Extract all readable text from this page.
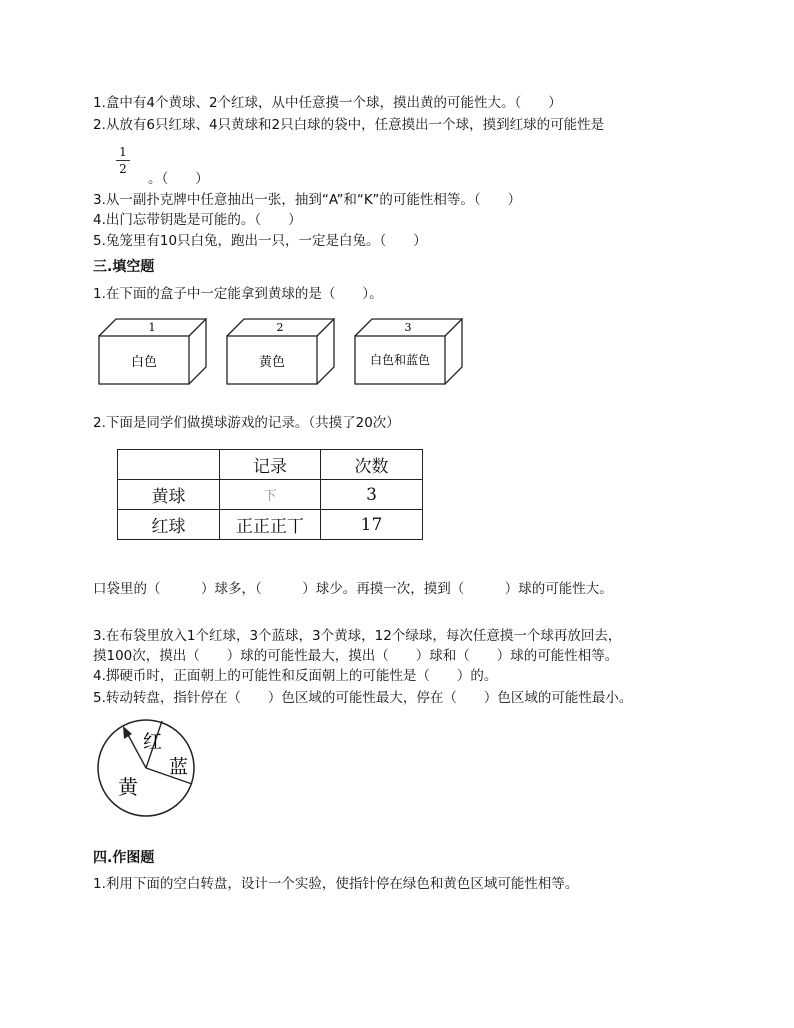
1.盒中有4个黄球、2个红球，从中任意摸一个球，摸出黄的可能性大。（　　）
2.从放有6只红球、4只黄球和2只白球的袋中，任意摸出一个球，摸到红球的可能性是
1
2
。（　　）
3.从一副扑克牌中任意抽出一张，抽到“A”和“K”的可能性相等。（　　）
4.出门忘带钥匙是可能的。（　　）
5.兔笼里有10只白兔，跑出一只，一定是白兔。（　　）
三.填空题
1.在下面的盒子中一定能拿到黄球的是（　　）。
1
白色
2
黄色
3
白色和蓝色
2.下面是同学们做摸球游戏的记录。（共摸了20次）
	记录	次数
黄球	下	3
红球	正正正丅	17
口袋里的（　　　）球多，（　　　）球少。再摸一次，摸到（　　　）球的可能性大。
3.在布袋里放入1个红球，3个蓝球，3个黄球，12个绿球，每次任意摸一个球再放回去，
摸100次，摸出（　　）球的可能性最大，摸出（　　）球和（　　）球的可能性相等。
4.掷硬币时，正面朝上的可能性和反面朝上的可能性是（　　）的。
5.转动转盘，指针停在（　　）色区域的可能性最大，停在（　　）色区域的可能性最小。
红
蓝
黄
四.作图题
1.利用下面的空白转盘，设计一个实验，使指针停在绿色和黄色区域可能性相等。
